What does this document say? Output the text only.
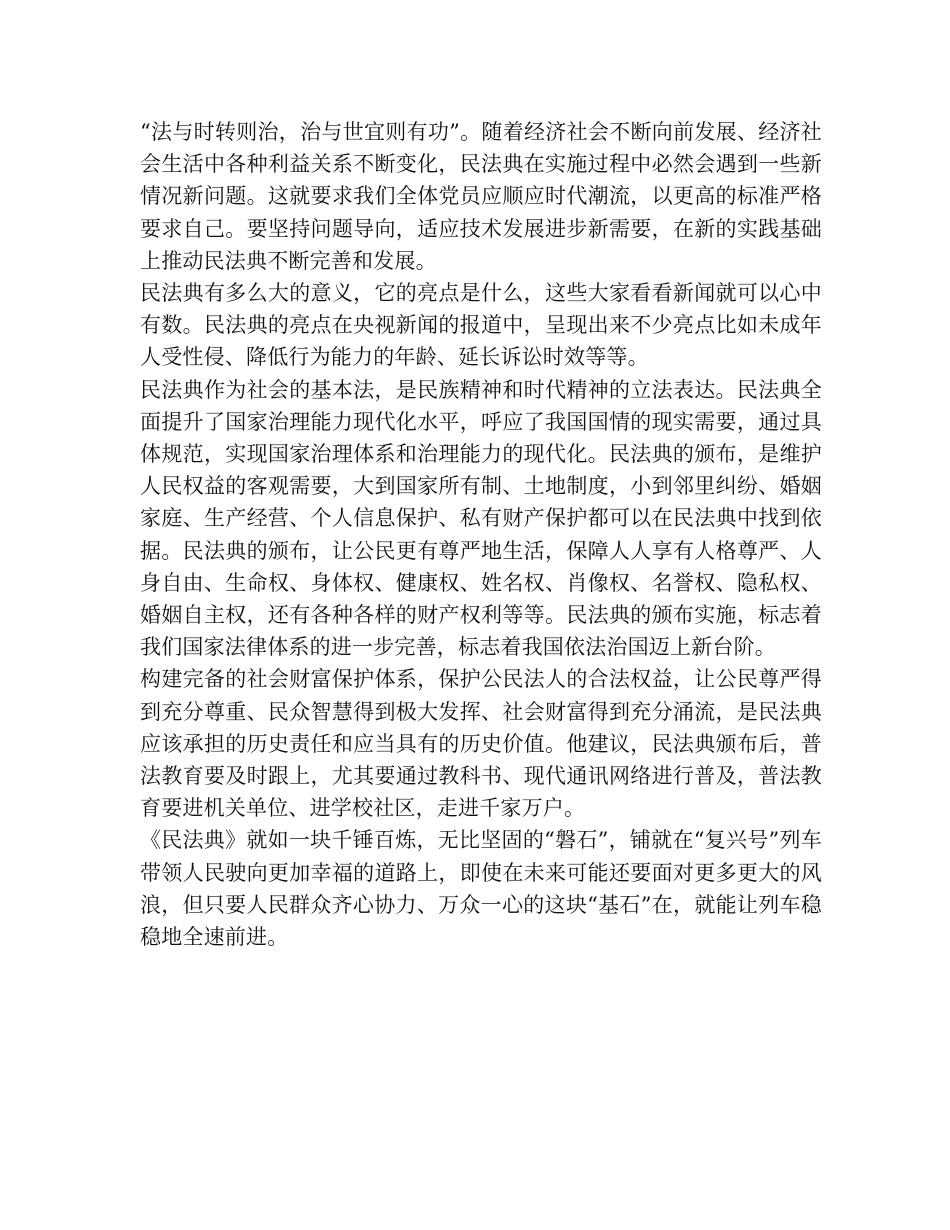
“法与时转则治，治与世宜则有功”。随着经济社会不断向前发展、经济社会生活中各种利益关系不断变化，民法典在实施过程中必然会遇到一些新情况新问题。这就要求我们全体党员应顺应时代潮流，以更高的标准严格要求自己。要坚持问题导向，适应技术发展进步新需要，在新的实践基础上推动民法典不断完善和发展。

民法典有多么大的意义，它的亮点是什么，这些大家看看新闻就可以心中有数。民法典的亮点在央视新闻的报道中，呈现出来不少亮点比如未成年人受性侵、降低行为能力的年龄、延长诉讼时效等等。

民法典作为社会的基本法，是民族精神和时代精神的立法表达。民法典全面提升了国家治理能力现代化水平，呼应了我国国情的现实需要，通过具体规范，实现国家治理体系和治理能力的现代化。民法典的颁布，是维护人民权益的客观需要，大到国家所有制、土地制度，小到邻里纠纷、婚姻家庭、生产经营、个人信息保护、私有财产保护都可以在民法典中找到依据。民法典的颁布，让公民更有尊严地生活，保障人人享有人格尊严、人身自由、生命权、身体权、健康权、姓名权、肖像权、名誉权、隐私权、婚姻自主权，还有各种各样的财产权利等等。民法典的颁布实施，标志着我们国家法律体系的进一步完善，标志着我国依法治国迈上新台阶。

构建完备的社会财富保护体系，保护公民法人的合法权益，让公民尊严得到充分尊重、民众智慧得到极大发挥、社会财富得到充分涌流，是民法典应该承担的历史责任和应当具有的历史价值。他建议，民法典颁布后，普法教育要及时跟上，尤其要通过教科书、现代通讯网络进行普及，普法教育要进机关单位、进学校社区，走进千家万户。

《民法典》就如一块千锤百炼，无比坚固的“磐石”，铺就在“复兴号”列车带领人民驶向更加幸福的道路上，即使在未来可能还要面对更多更大的风浪，但只要人民群众齐心协力、万众一心的这块“基石”在，就能让列车稳稳地全速前进。
